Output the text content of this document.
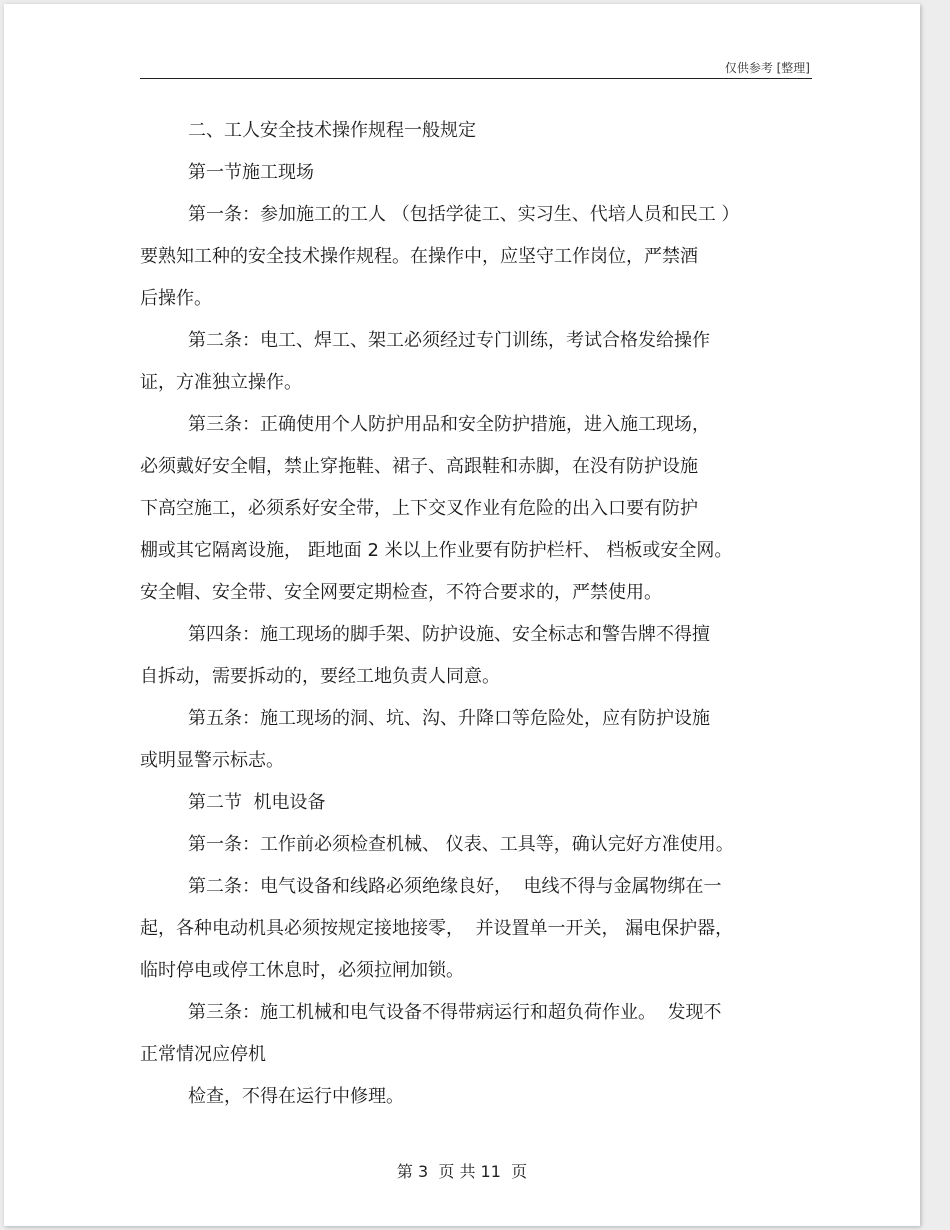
仅供参考 [整理]
二、工人安全技术操作规程一般规定
第一节施工现场
第一条：参加施工的工人 （包括学徒工、实习生、代培人员和民工 ）
要熟知工种的安全技术操作规程。在操作中，应坚守工作岗位，严禁酒
后操作。
第二条：电工、焊工、架工必须经过专门训练，考试合格发给操作
证，方准独立操作。
第三条：正确使用个人防护用品和安全防护措施，进入施工现场，
必须戴好安全帽，禁止穿拖鞋、裙子、高跟鞋和赤脚，在没有防护设施
下高空施工，必须系好安全带，上下交叉作业有危险的出入口要有防护
棚或其它隔离设施， 距地面 2 米以上作业要有防护栏杆、 档板或安全网。
安全帽、安全带、安全网要定期检查，不符合要求的，严禁使用。
第四条：施工现场的脚手架、防护设施、安全标志和警告牌不得擅
自拆动，需要拆动的，要经工地负责人同意。
第五条：施工现场的洞、坑、沟、升降口等危险处，应有防护设施
或明显警示标志。
第二节  机电设备
第一条：工作前必须检查机械、 仪表、工具等，确认完好方准使用。
第二条：电气设备和线路必须绝缘良好，  电线不得与金属物绑在一
起，各种电动机具必须按规定接地接零，  并设置单一开关， 漏电保护器，
临时停电或停工休息时，必须拉闸加锁。
第三条：施工机械和电气设备不得带病运行和超负荷作业。  发现不
正常情况应停机
检查，不得在运行中修理。
第 3  页 共 11  页
